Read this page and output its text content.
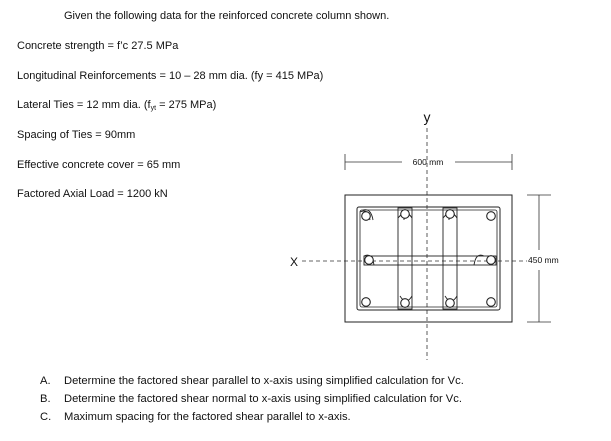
Given the following data for the reinforced concrete column shown.
Concrete strength = f’c 27.5 MPa
Longitudinal Reinforcements = 10 – 28 mm dia. (fy = 415 MPa)
Lateral Ties = 12 mm dia. ($f_{yt} = 275$ MPa)
Spacing of Ties = 90mm
Effective concrete cover = 65 mm
Factored Axial Load = 1200 kN
y
X
600 mm
450 mm
A. Determine the factored shear parallel to x-axis using simplified calculation for Vc.
B. Determine the factored shear normal to x-axis using simplified calculation for Vc.
C. Maximum spacing for the factored shear parallel to x-axis.
